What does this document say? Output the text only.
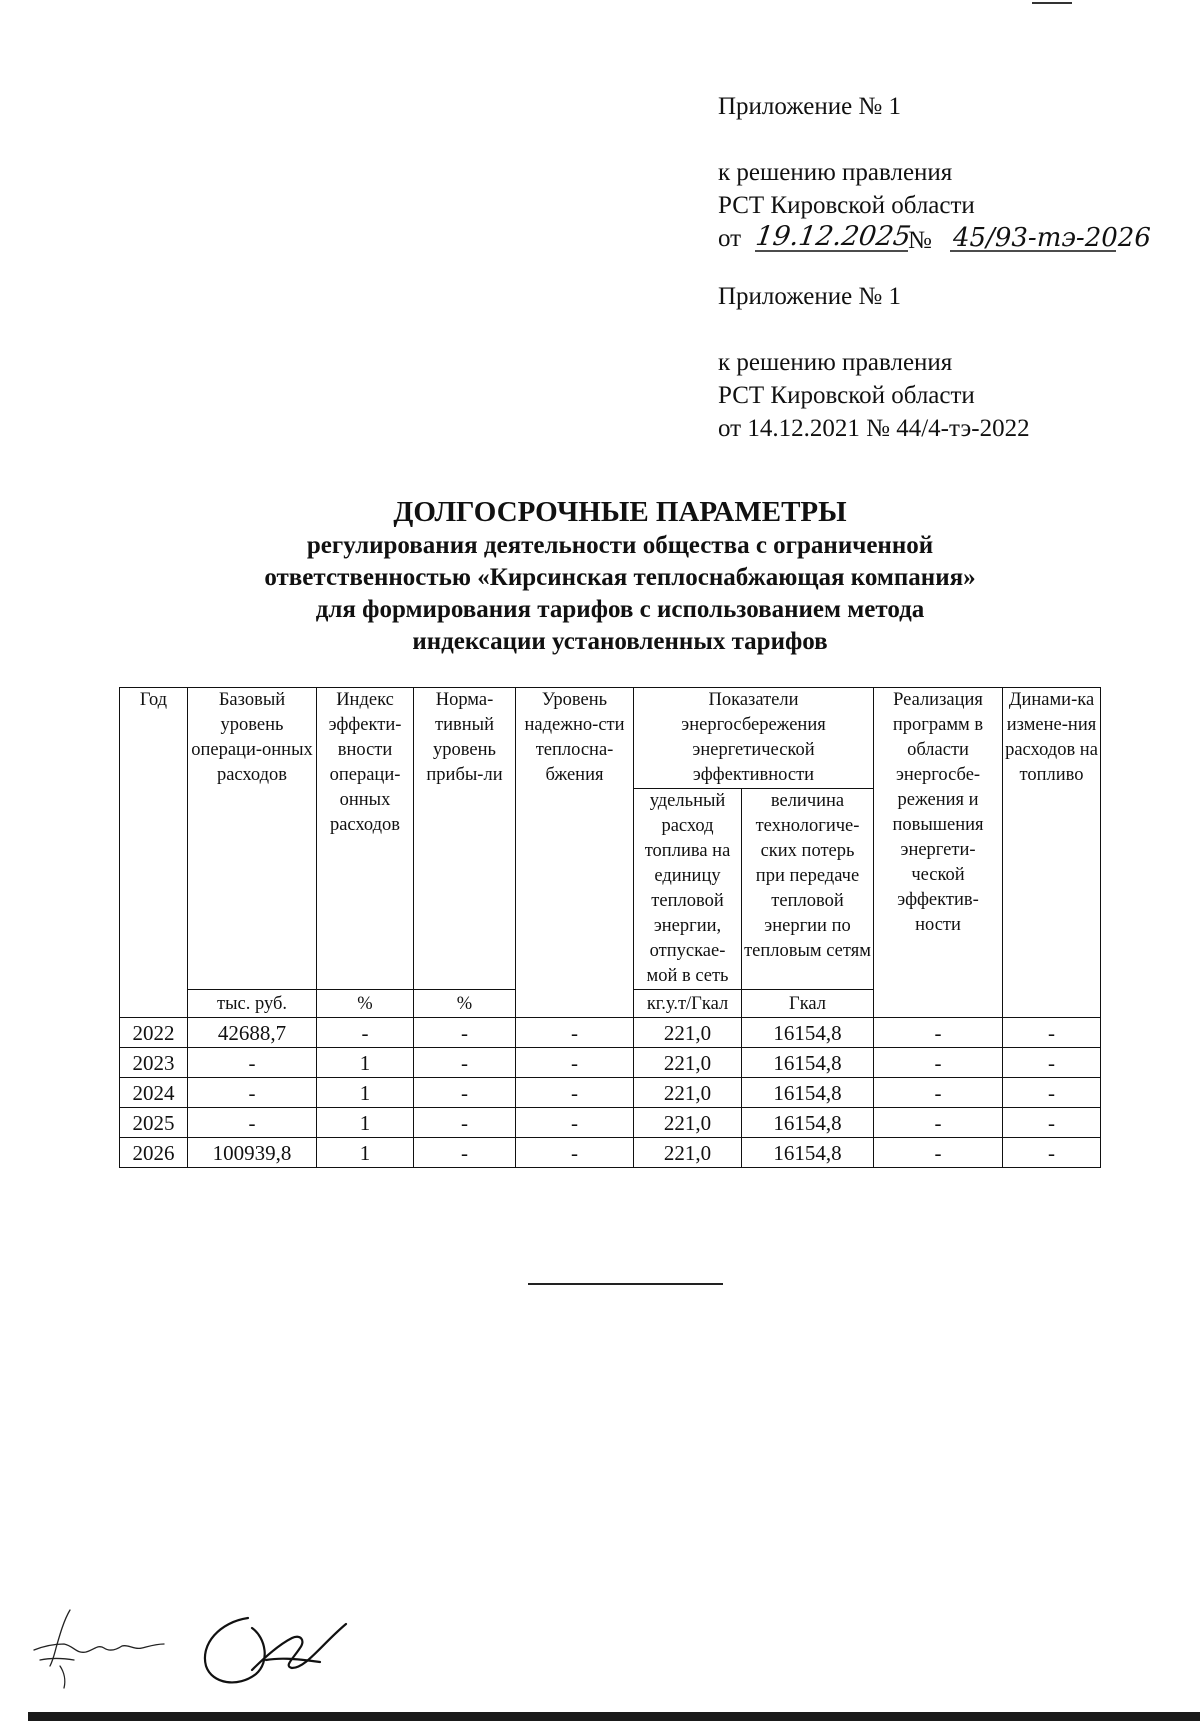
Приложение № 1
к решению правления
РСТ Кировской области
от 19.12.2025
№ 45/93-тэ-2026
Приложение № 1
к решению правления
РСТ Кировской области
от 14.12.2021 № 44/4-тэ-2022
ДОЛГОСРОЧНЫЕ ПАРАМЕТРЫ
регулирования деятельности общества с ограниченной
ответственностью «Кирсинская теплоснабжающая компания»
для формирования тарифов с использованием метода
индексации установленных тарифов
Год	Базовый уровень операци-онных расходов	Индекс эффекти-вности операци-онных расходов	Норма-тивный уровень прибы-ли	Уровень надежно-сти теплосна-бжения	Показатели энергосбережения энергетической эффективности		Реализация программ в области энергосбе-режения и повышения энергети-ческой эффектив-ности	Динами-ка измене-ния расходов на топливо
					удельный расход топлива на единицу тепловой энергии, отпускае-мой в сеть	величина технологиче-ских потерь при передаче тепловой энергии по тепловым сетям		
	тыс. руб.	%	%		кг.у.т/Гкал	Гкал		
2022	42688,7	-	-	-	221,0	16154,8	-	-
2023	-	1	-	-	221,0	16154,8	-	-
2024	-	1	-	-	221,0	16154,8	-	-
2025	-	1	-	-	221,0	16154,8	-	-
2026	100939,8	1	-	-	221,0	16154,8	-	-
